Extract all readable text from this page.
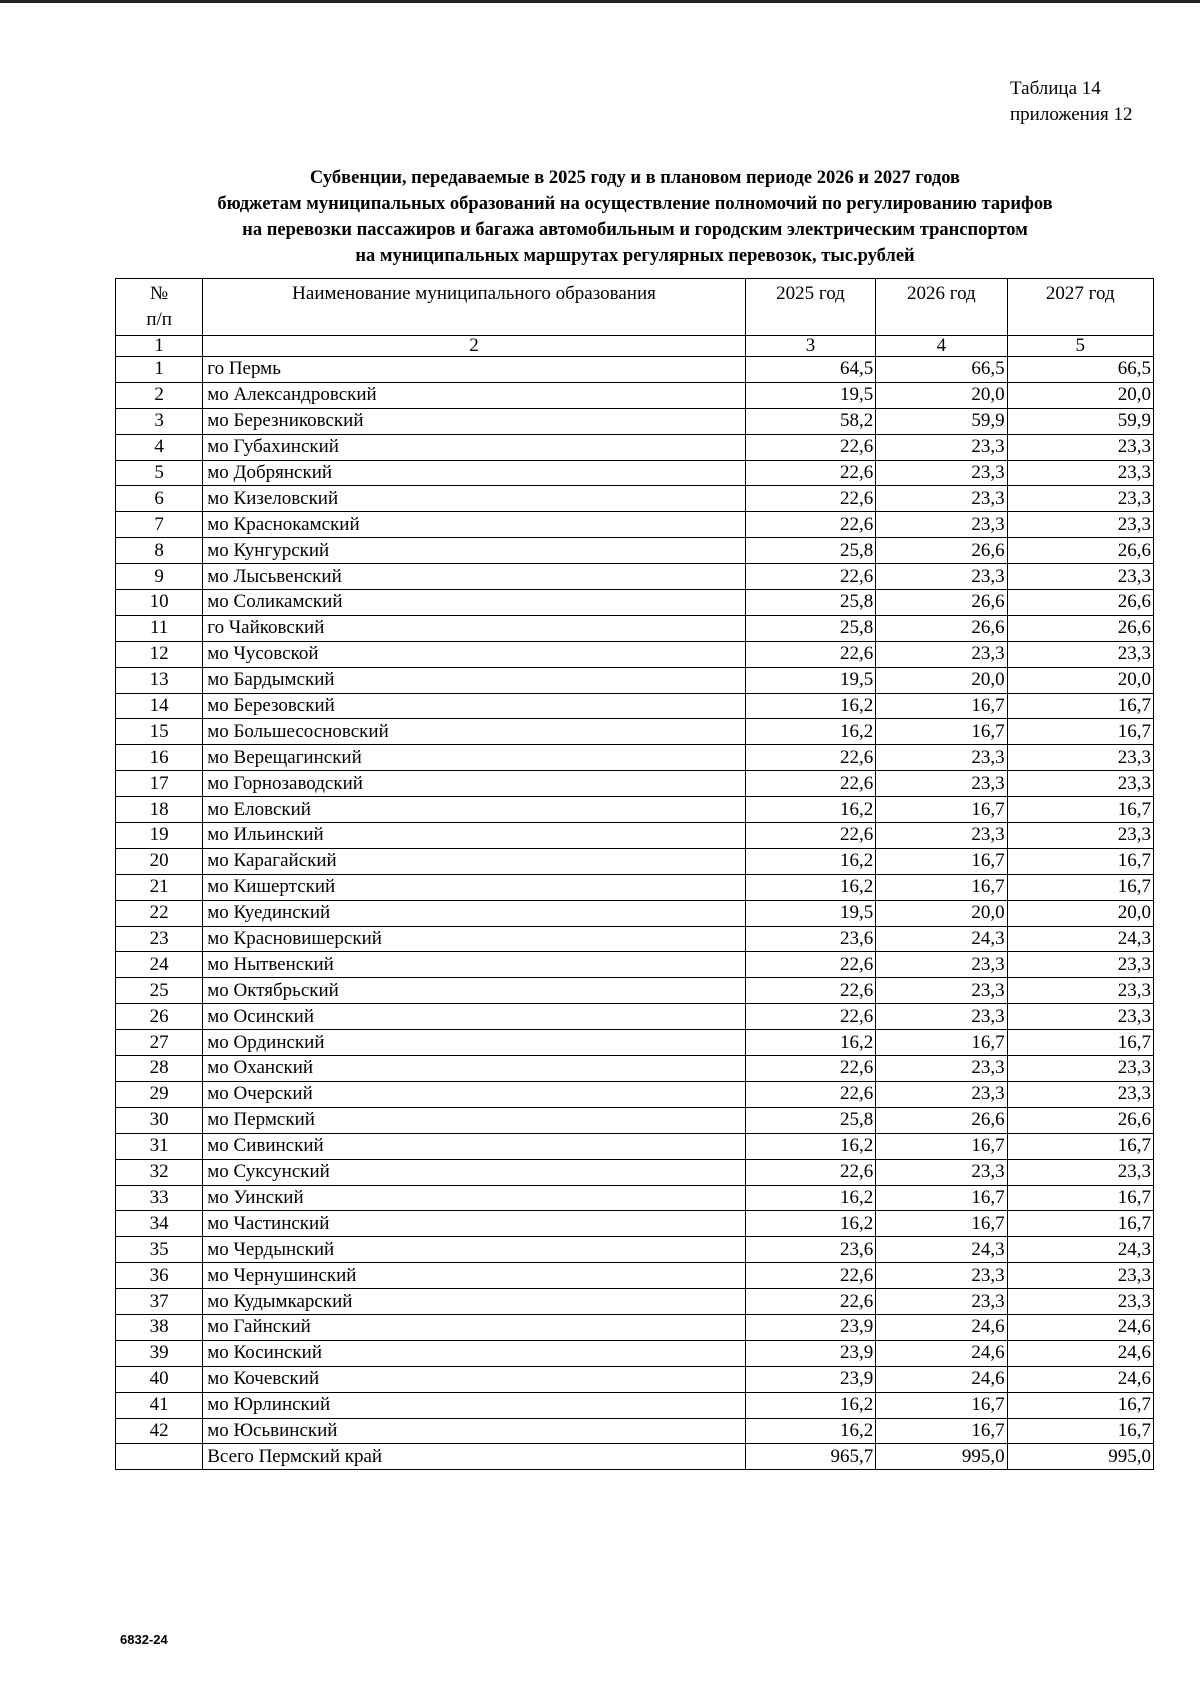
Таблица 14
приложения 12
Субвенции, передаваемые в 2025 году и в плановом периоде 2026 и 2027 годов
бюджетам муниципальных образований на осуществление полномочий по регулированию тарифов
на перевозки пассажиров и багажа автомобильным и городским электрическим транспортом
на муниципальных маршрутах регулярных перевозок, тыс.рублей
№
п/п	Наименование муниципального образования	2025 год	2026 год	2027 год
1	2	3	4	5
1	го Пермь	64,5	66,5	66,5
2	мо Александровский	19,5	20,0	20,0
3	мо Березниковский	58,2	59,9	59,9
4	мо Губахинский	22,6	23,3	23,3
5	мо Добрянский	22,6	23,3	23,3
6	мо Кизеловский	22,6	23,3	23,3
7	мо Краснокамский	22,6	23,3	23,3
8	мо Кунгурский	25,8	26,6	26,6
9	мо Лысьвенский	22,6	23,3	23,3
10	мо Соликамский	25,8	26,6	26,6
11	го Чайковский	25,8	26,6	26,6
12	мо Чусовской	22,6	23,3	23,3
13	мо Бардымский	19,5	20,0	20,0
14	мо Березовский	16,2	16,7	16,7
15	мо Большесосновский	16,2	16,7	16,7
16	мо Верещагинский	22,6	23,3	23,3
17	мо Горнозаводский	22,6	23,3	23,3
18	мо Еловский	16,2	16,7	16,7
19	мо Ильинский	22,6	23,3	23,3
20	мо Карагайский	16,2	16,7	16,7
21	мо Кишертский	16,2	16,7	16,7
22	мо Куединский	19,5	20,0	20,0
23	мо Красновишерский	23,6	24,3	24,3
24	мо Нытвенский	22,6	23,3	23,3
25	мо Октябрьский	22,6	23,3	23,3
26	мо Осинский	22,6	23,3	23,3
27	мо Ординский	16,2	16,7	16,7
28	мо Оханский	22,6	23,3	23,3
29	мо Очерский	22,6	23,3	23,3
30	мо Пермский	25,8	26,6	26,6
31	мо Сивинский	16,2	16,7	16,7
32	мо Суксунский	22,6	23,3	23,3
33	мо Уинский	16,2	16,7	16,7
34	мо Частинский	16,2	16,7	16,7
35	мо Чердынский	23,6	24,3	24,3
36	мо Чернушинский	22,6	23,3	23,3
37	мо Кудымкарский	22,6	23,3	23,3
38	мо Гайнский	23,9	24,6	24,6
39	мо Косинский	23,9	24,6	24,6
40	мо Кочевский	23,9	24,6	24,6
41	мо Юрлинский	16,2	16,7	16,7
42	мо Юсьвинский	16,2	16,7	16,7
	Всего Пермский край	965,7	995,0	995,0
6832-24
